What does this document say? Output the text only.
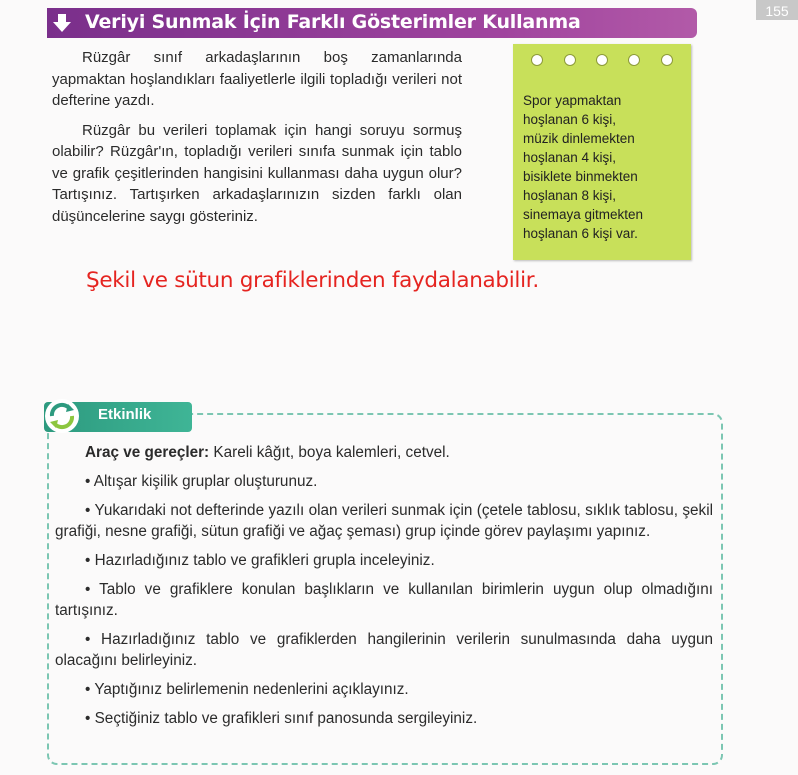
155
Veriyi Sunmak İçin Farklı Gösterimler Kullanma

Rüzgâr sınıf arkadaşlarının boş zamanlarında yapmaktan hoşlandıkları faaliyetlerle ilgili topladığı verileri not defterine yazdı.

Rüzgâr bu verileri toplamak için hangi soruyu sormuş olabilir? Rüzgâr'ın, topladığı verileri sınıfa sunmak için tablo ve grafik çeşitlerinden hangisini kullanması daha uygun olur? Tartışınız. Tartışırken arkadaşlarınızın sizden farklı olan düşüncelerine saygı gösteriniz.

Spor yapmaktan
hoşlanan 6 kişi,
müzik dinlemekten
hoşlanan 4 kişi,
bisiklete binmekten
hoşlanan 8 kişi,
sinemaya gitmekten
hoşlanan 6 kişi var.
Şekil ve sütun grafiklerinden faydalanabilir.
Etkinlik
Araç ve gereçler: Kareli kâğıt, boya kalemleri, cetvel.
• Altışar kişilik gruplar oluşturunuz.
• Yukarıdaki not defterinde yazılı olan verileri sunmak için (çetele tablosu, sıklık tablosu, şekil grafiği, nesne grafiği, sütun grafiği ve ağaç şeması) grup içinde görev paylaşımı yapınız.
• Hazırladığınız tablo ve grafikleri grupla inceleyiniz.
• Tablo ve grafiklere konulan başlıkların ve kullanılan birimlerin uygun olup olmadığını tartışınız.
• Hazırladığınız tablo ve grafiklerden hangilerinin verilerin sunulmasında daha uygun olacağını belirleyiniz.
• Yaptığınız belirlemenin nedenlerini açıklayınız.
• Seçtiğiniz tablo ve grafikleri sınıf panosunda sergileyiniz.
